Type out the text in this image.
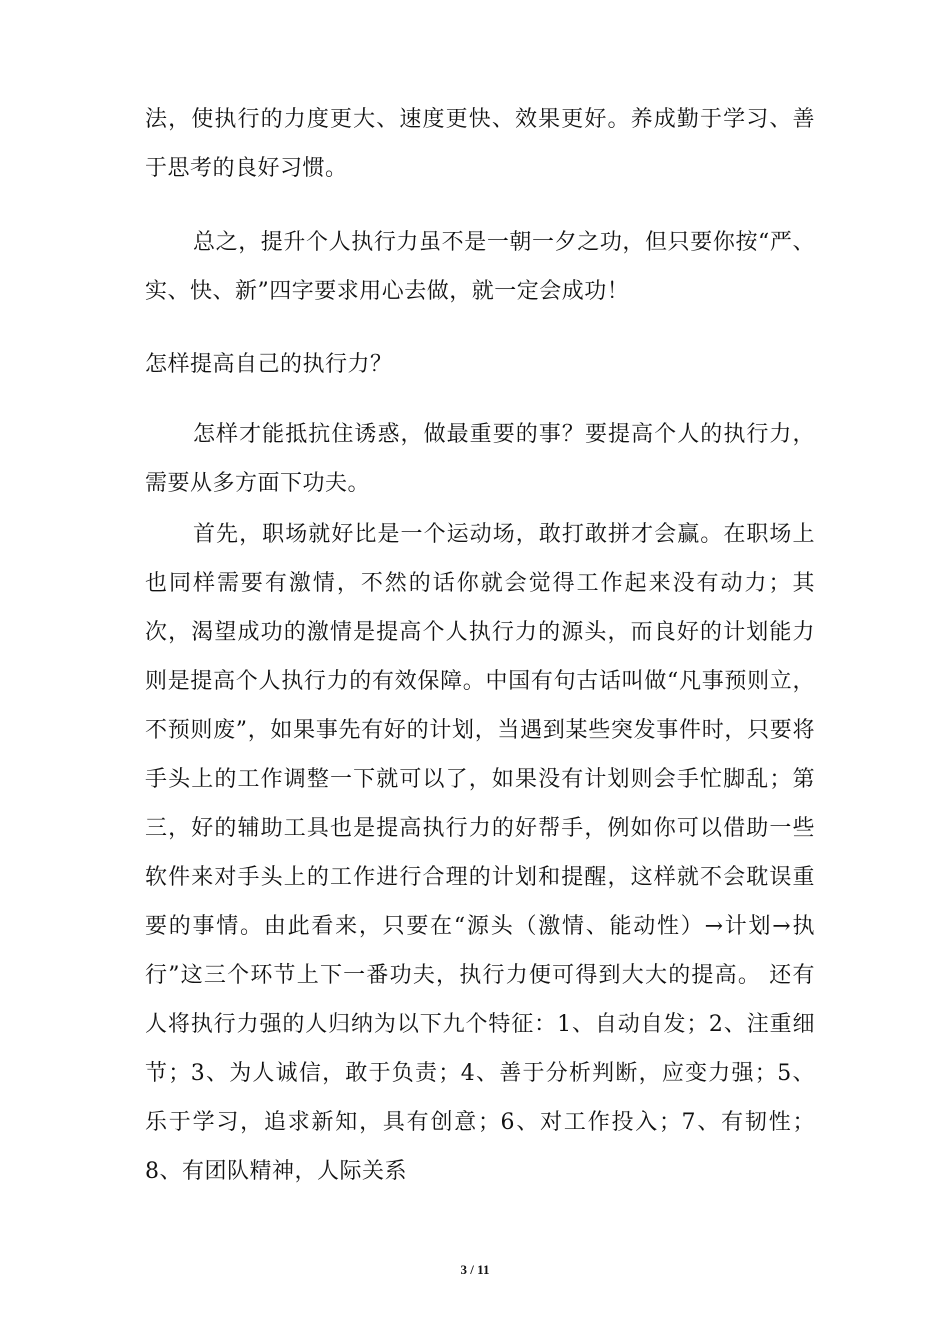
法，使执行的力度更大、速度更快、效果更好。养成勤于学习、善于思考的良好习惯。

总之，提升个人执行力虽不是一朝一夕之功，但只要你按“严、实、快、新”四字要求用心去做，就一定会成功！

怎样提高自己的执行力？

怎样才能抵抗住诱惑，做最重要的事？要提高个人的执行力，需要从多方面下功夫。

首先，职场就好比是一个运动场，敢打敢拼才会赢。在职场上也同样需要有激情，不然的话你就会觉得工作起来没有动力；其次，渴望成功的激情是提高个人执行力的源头，而良好的计划能力则是提高个人执行力的有效保障。中国有句古话叫做“凡事预则立，不预则废”，如果事先有好的计划，当遇到某些突发事件时，只要将手头上的工作调整一下就可以了，如果没有计划则会手忙脚乱；第三，好的辅助工具也是提高执行力的好帮手，例如你可以借助一些软件来对手头上的工作进行合理的计划和提醒，这样就不会耽误重要的事情。由此看来，只要在“源头（激情、能动性）→计划→执行”这三个环节上下一番功夫，执行力便可得到大大的提高。 还有人将执行力强的人归纳为以下九个特征：1、自动自发；2、注重细节；3、为人诚信，敢于负责；4、善于分析判断，应变力强；5、乐于学习，追求新知，具有创意；6、对工作投入；7、有韧性；8、有团队精神，人际关系

3 / 11
